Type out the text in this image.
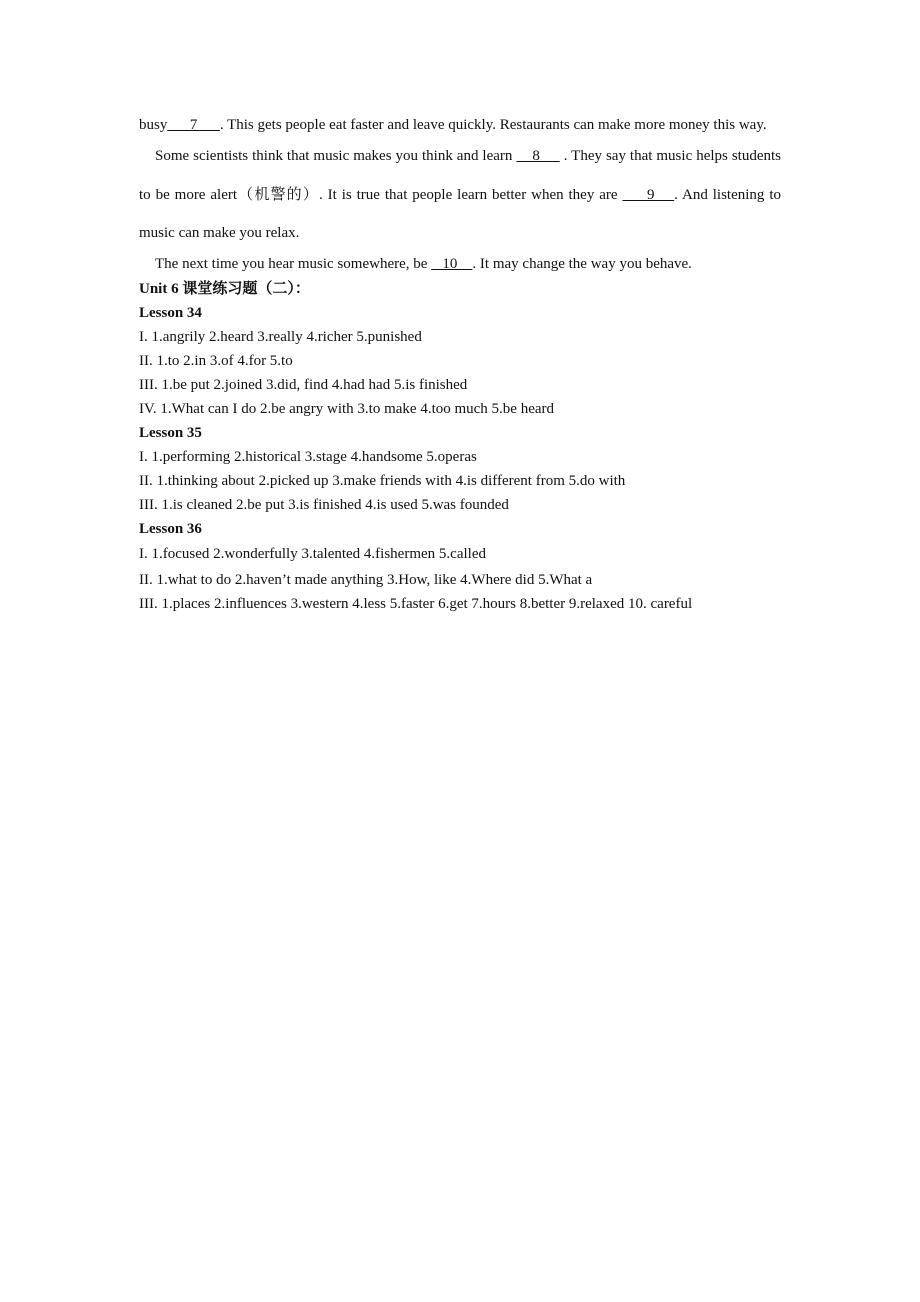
busy      7      . This gets people eat faster and leave quickly. Restaurants can make more money this way.

Some scientists think that music makes you think and learn     8      . They say that music helps students to be more alert（机警的）. It is true that people learn better when they are      9    . And listening to music can make you relax.

The next time you hear music somewhere, be    10    . It may change the way you behave.

Unit 6 课堂练习题（二）：

Lesson 34

I. 1.angrily 2.heard 3.really 4.richer 5.punished

II. 1.to 2.in 3.of 4.for 5.to

III. 1.be put 2.joined 3.did, find 4.had had 5.is finished

IV. 1.What can I do 2.be angry with 3.to make 4.too much 5.be heard

Lesson 35

I. 1.performing 2.historical 3.stage 4.handsome 5.operas

II. 1.thinking about 2.picked up 3.make friends with 4.is different from 5.do with

III. 1.is cleaned 2.be put 3.is finished 4.is used 5.was founded

Lesson 36

I. 1.focused 2.wonderfully 3.talented 4.fishermen 5.called

II. 1.what to do 2.haven’t made anything 3.How, like 4.Where did 5.What a

III. 1.places 2.influences 3.western 4.less 5.faster 6.get 7.hours 8.better 9.relaxed 10. careful
